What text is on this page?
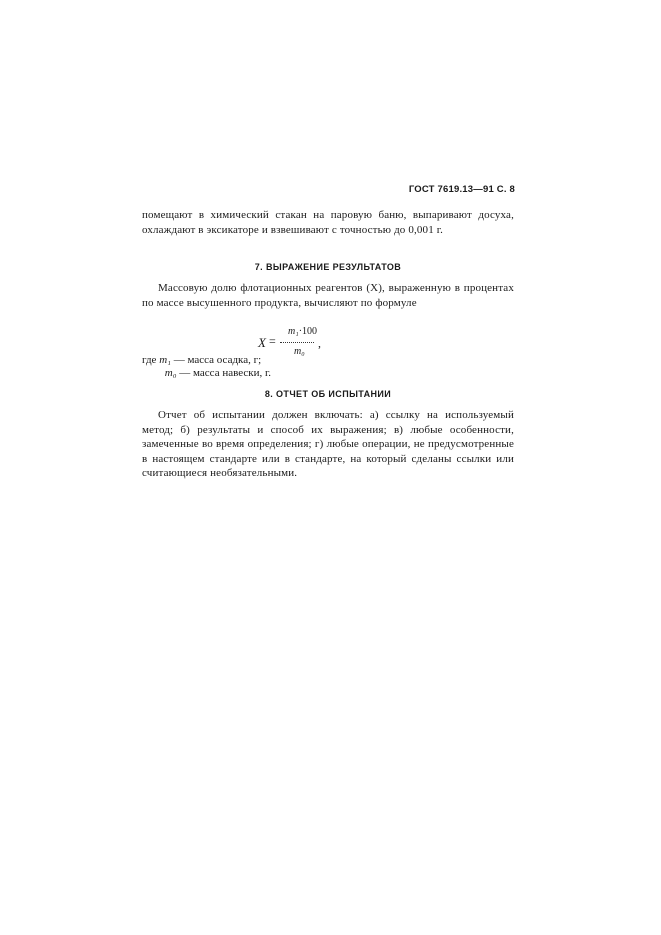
ГОСТ 7619.13—91 С. 8
помещают в химический стакан на паровую баню, выпаривают досуха, охлаждают в эксикаторе и взвешивают с точностью до 0,001 г.
7. ВЫРАЖЕНИЕ РЕЗУЛЬТАТОВ
Массовую долю флотационных реагентов (X), выраженную в процентах по массе высушенного продукта, вычисляют по формуле
X =
m₁·100
m₀
,
где m₁ — масса осадка, г;
m₀ — масса навески, г.
8. ОТЧЕТ ОБ ИСПЫТАНИИ
Отчет об испытании должен включать: а) ссылку на используемый метод; б) результаты и способ их выражения; в) любые особенности, замеченные во время определения; г) любые операции, не предусмотренные в настоящем стандарте или в стандарте, на который сделаны ссылки или считающиеся необязательными.
